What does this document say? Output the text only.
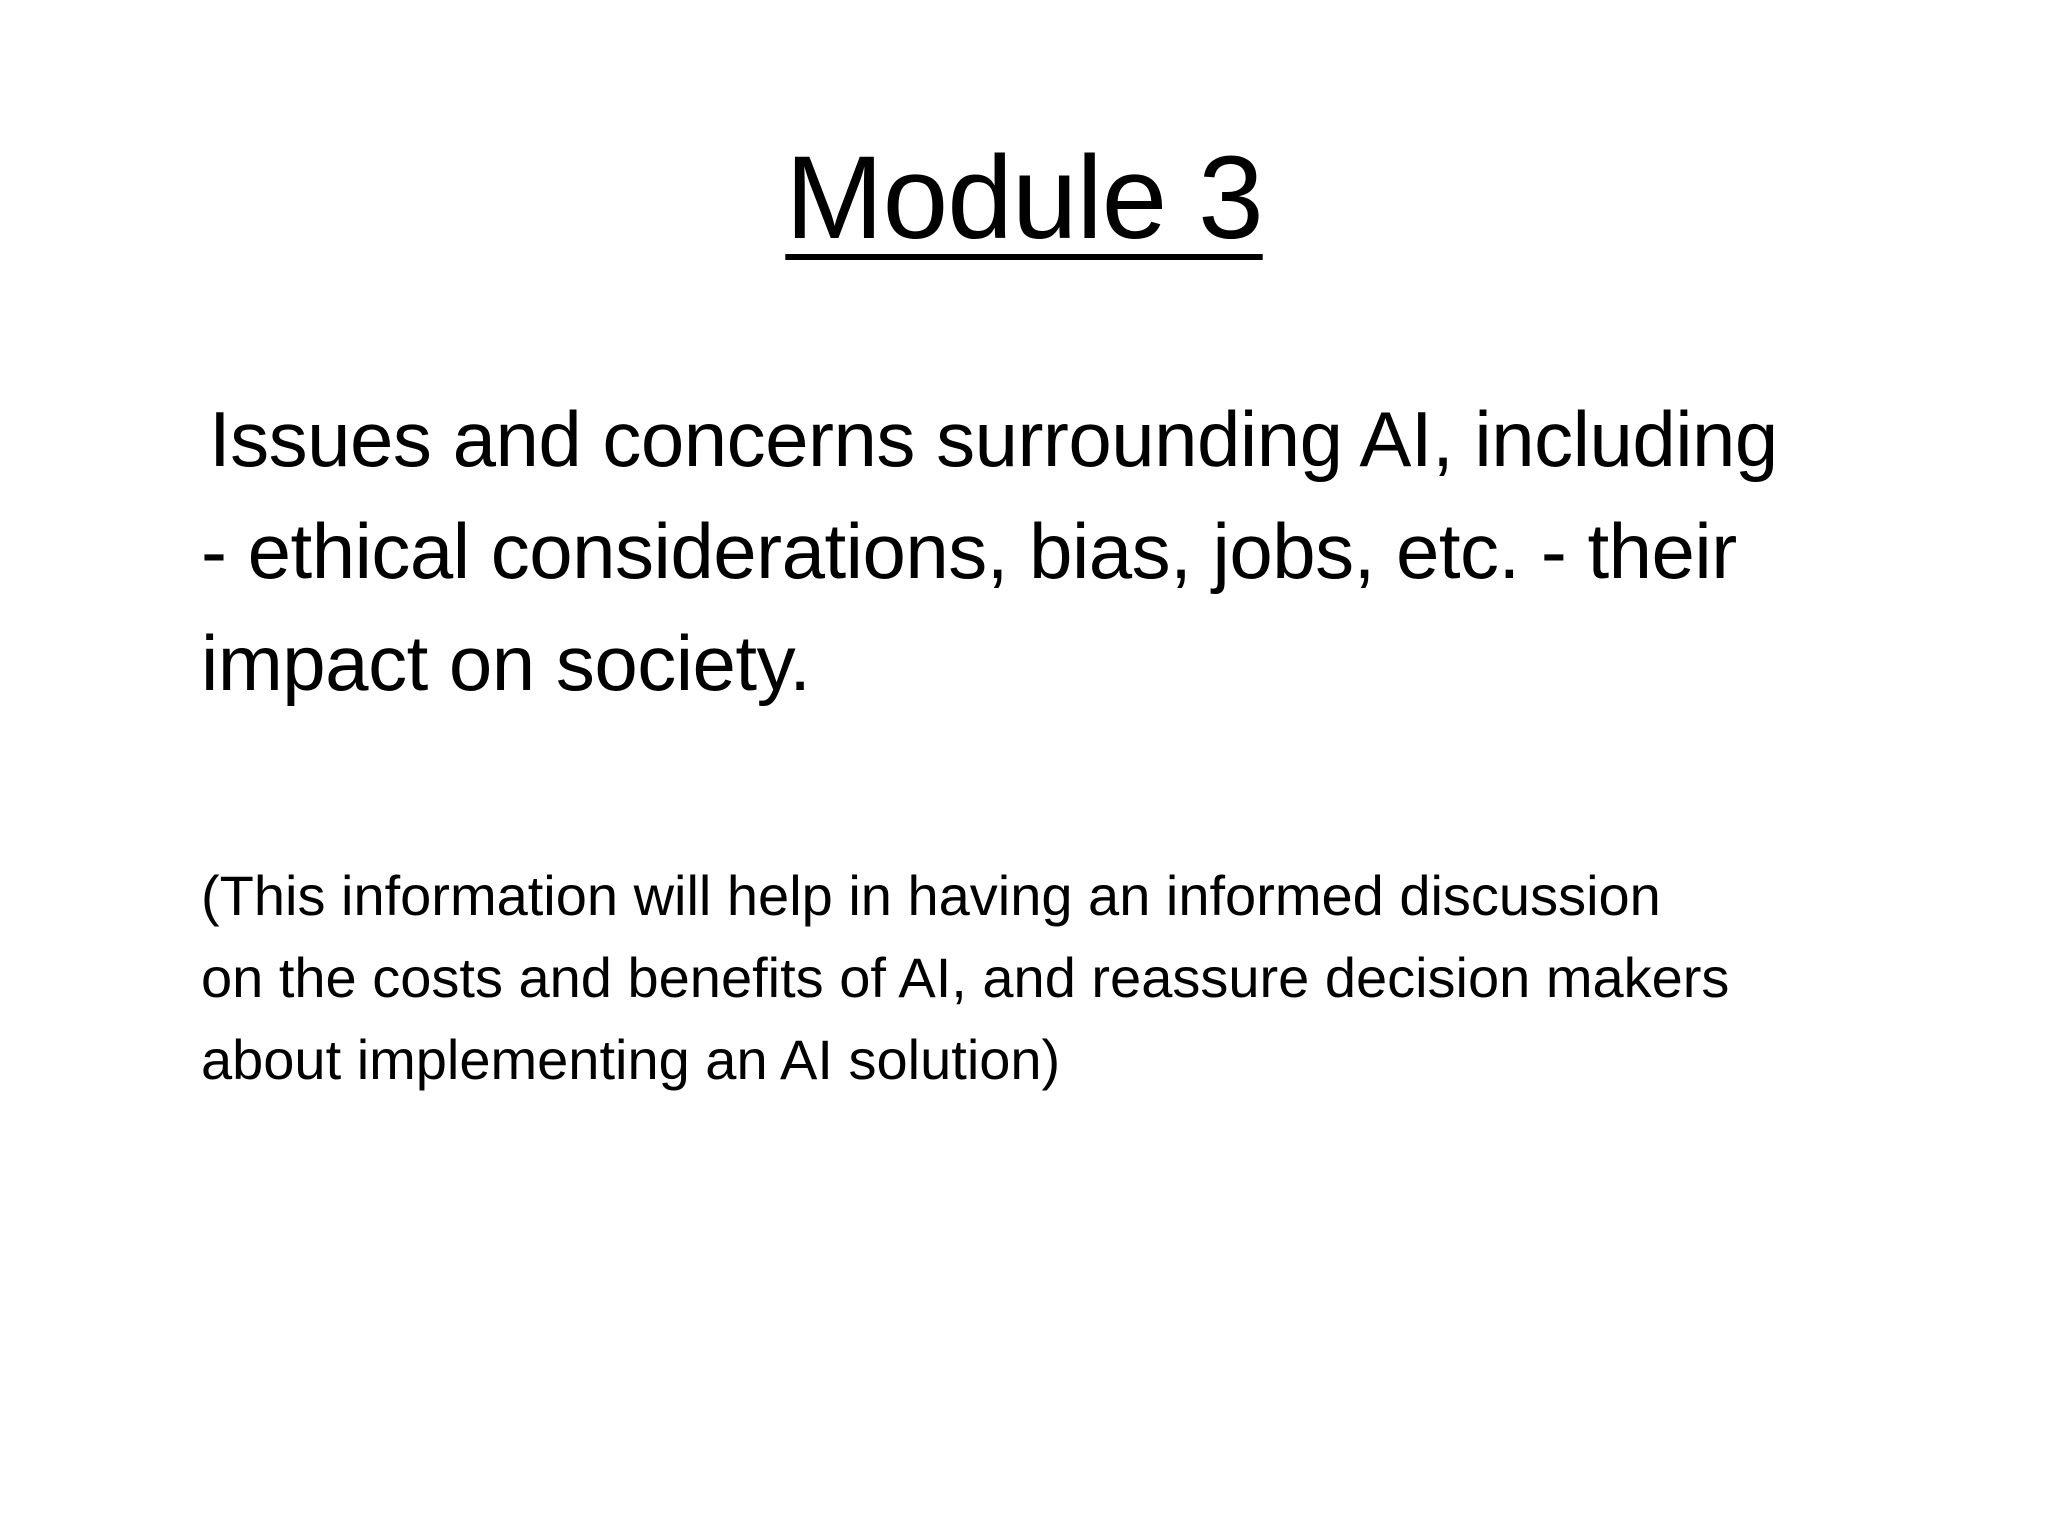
Module 3

Issues and concerns surrounding AI, including
- ethical considerations, bias, jobs, etc. - their
impact on society.

(This information will help in having an informed discussion
on the costs and benefits of AI, and reassure decision makers
about implementing an AI solution)
